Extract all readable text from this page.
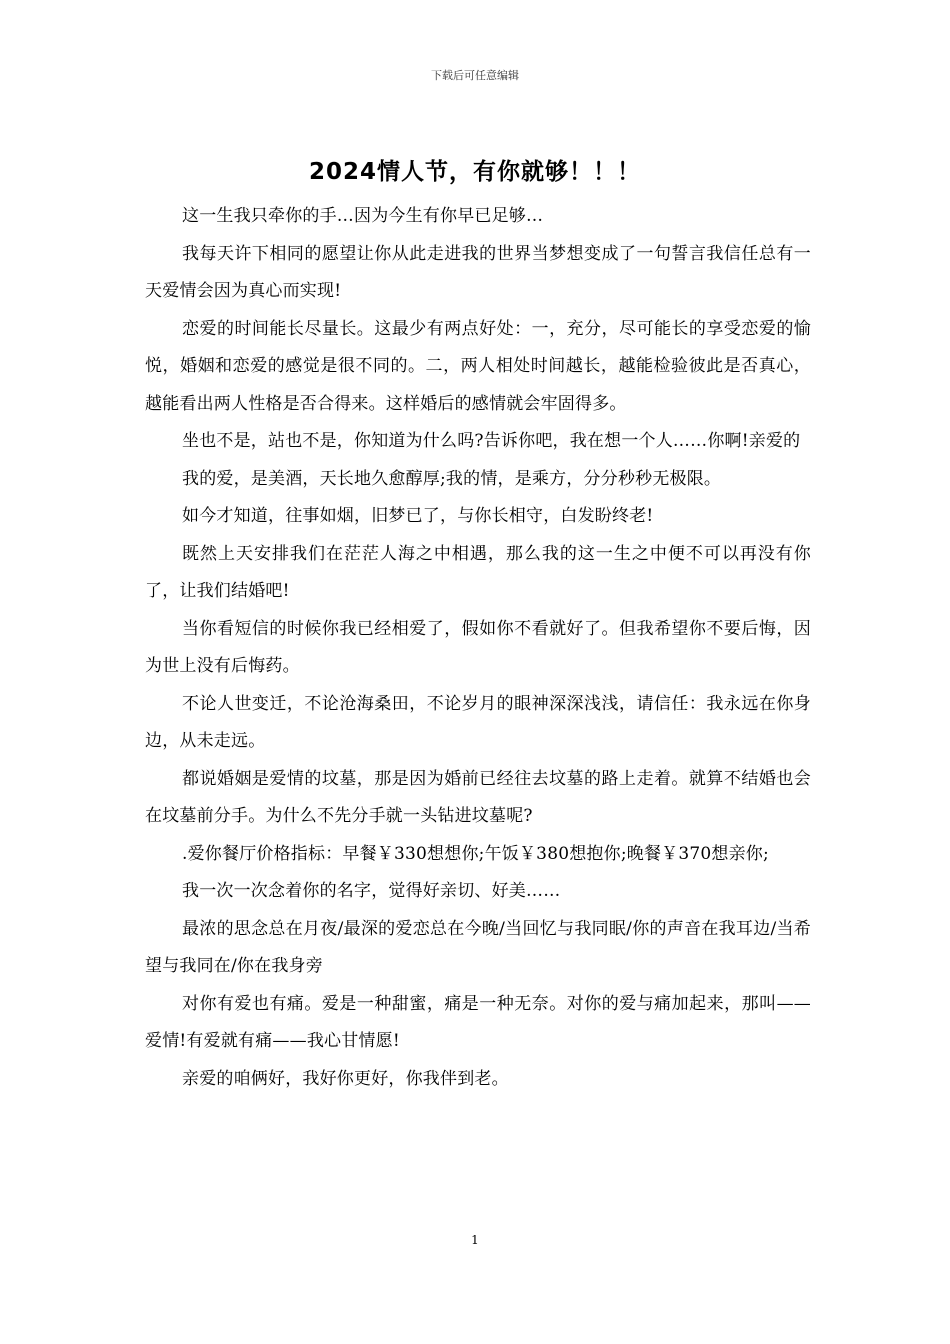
下载后可任意编辑
2024情人节，有你就够！！！

这一生我只牵你的手…因为今生有你早已足够…

我每天许下相同的愿望让你从此走进我的世界当梦想变成了一句誓言我信任总有一天爱情会因为真心而实现!

恋爱的时间能长尽量长。这最少有两点好处：一，充分，尽可能长的享受恋爱的愉悦，婚姻和恋爱的感觉是很不同的。二，两人相处时间越长，越能检验彼此是否真心，越能看出两人性格是否合得来。这样婚后的感情就会牢固得多。

坐也不是，站也不是，你知道为什么吗?告诉你吧，我在想一个人……你啊!亲爱的

我的爱，是美酒，天长地久愈醇厚;我的情，是乘方，分分秒秒无极限。

如今才知道，往事如烟，旧梦已了，与你长相守，白发盼终老!

既然上天安排我们在茫茫人海之中相遇，那么我的这一生之中便不可以再没有你了，让我们结婚吧!

当你看短信的时候你我已经相爱了，假如你不看就好了。但我希望你不要后悔，因为世上没有后悔药。

不论人世变迁，不论沧海桑田，不论岁月的眼神深深浅浅，请信任：我永远在你身边，从未走远。

都说婚姻是爱情的坟墓，那是因为婚前已经往去坟墓的路上走着。就算不结婚也会在坟墓前分手。为什么不先分手就一头钻进坟墓呢?

.爱你餐厅价格指标：早餐￥330想想你;午饭￥380想抱你;晚餐￥370想亲你;

我一次一次念着你的名字，觉得好亲切、好美……

最浓的思念总在月夜/最深的爱恋总在今晚/当回忆与我同眠/你的声音在我耳边/当希望与我同在/你在我身旁

对你有爱也有痛。爱是一种甜蜜，痛是一种无奈。对你的爱与痛加起来，那叫——爱情!有爱就有痛——我心甘情愿!

亲爱的咱俩好，我好你更好，你我伴到老。

1
